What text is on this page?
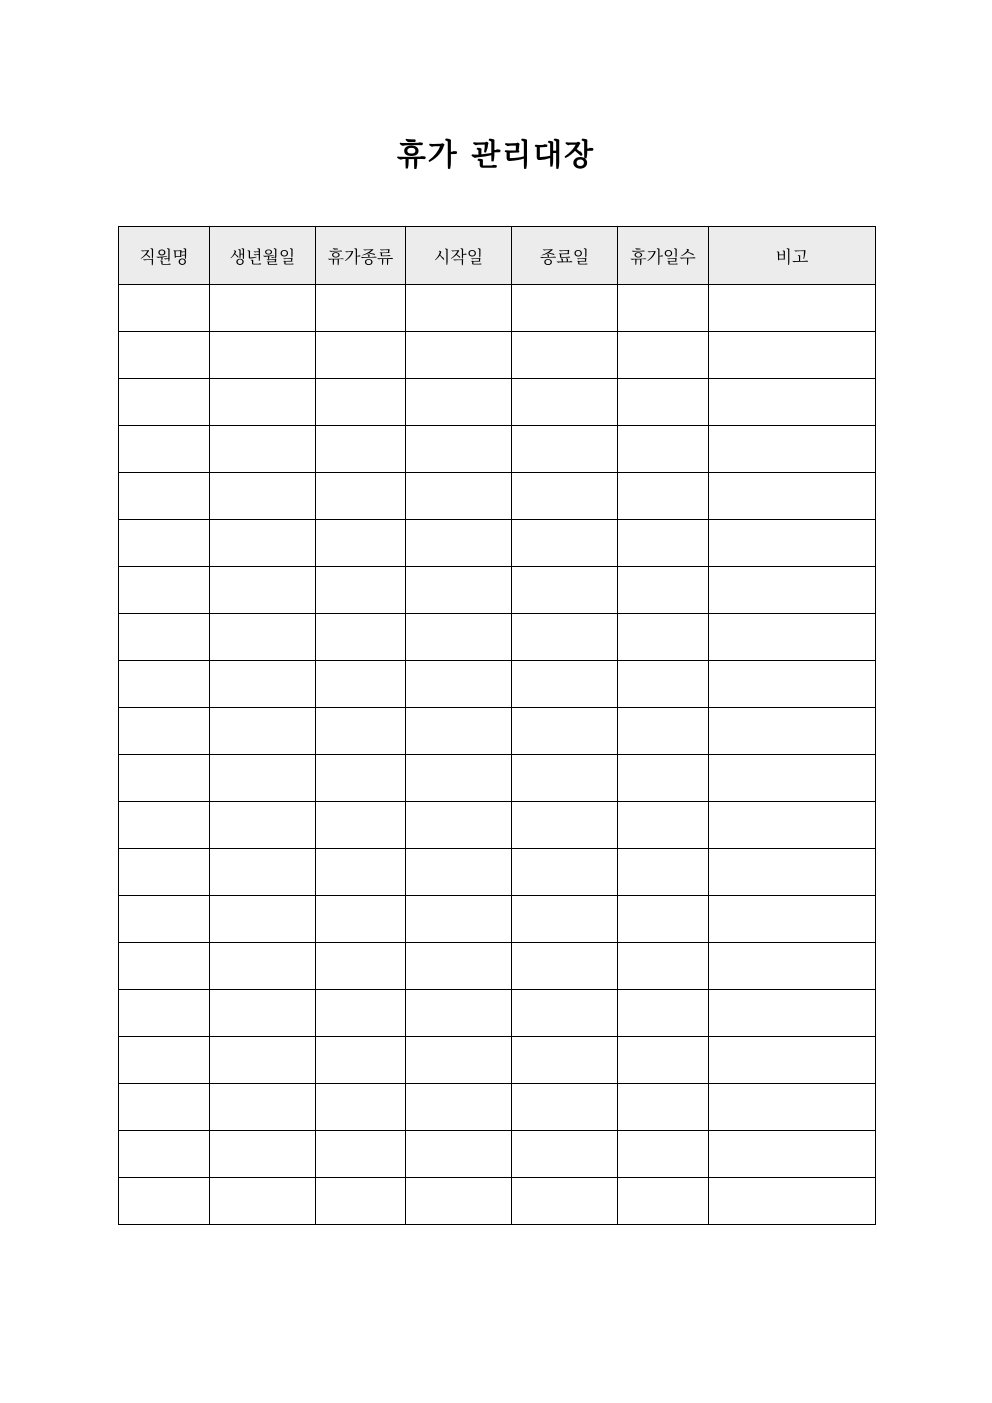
휴가 관리대장
직원명	생년월일	휴가종류	시작일	종료일	휴가일수	비고
